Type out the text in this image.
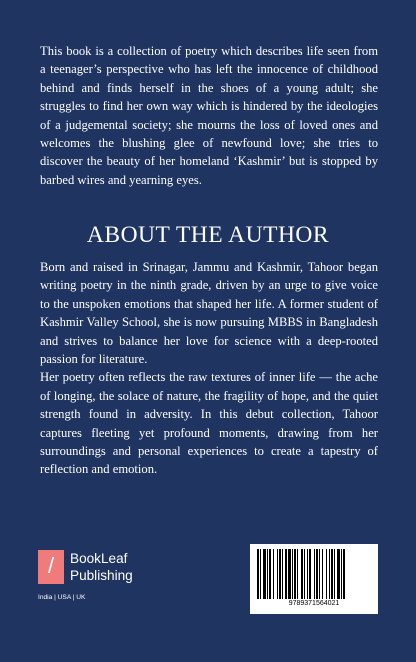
This book is a collection of poetry which describes life seen from a teenager’s perspective who has left the innocence of childhood behind and finds herself in the shoes of a young adult; she struggles to find her own way which is hindered by the ideologies of a judgemental society; she mourns the loss of loved ones and welcomes the blushing glee of newfound love; she tries to discover the beauty of her homeland ‘Kashmir’ but is stopped by barbed wires and yearning eyes.

ABOUT THE AUTHOR

Born and raised in Srinagar, Jammu and Kashmir, Tahoor began writing poetry in the ninth grade, driven by an urge to give voice to the unspoken emotions that shaped her life. A former student of Kashmir Valley School, she is now pursuing MBBS in Bangladesh and strives to balance her love for science with a deep-rooted passion for literature.

Her poetry often reflects the raw textures of inner life — the ache of longing, the solace of nature, the fragility of hope, and the quiet strength found in adversity. In this debut collection, Tahoor captures fleeting yet profound moments, drawing from her surroundings and personal experiences to create a tapestry of reflection and emotion.

/	BookLeaf
Publishing
India | USA | UK
9789371564021
